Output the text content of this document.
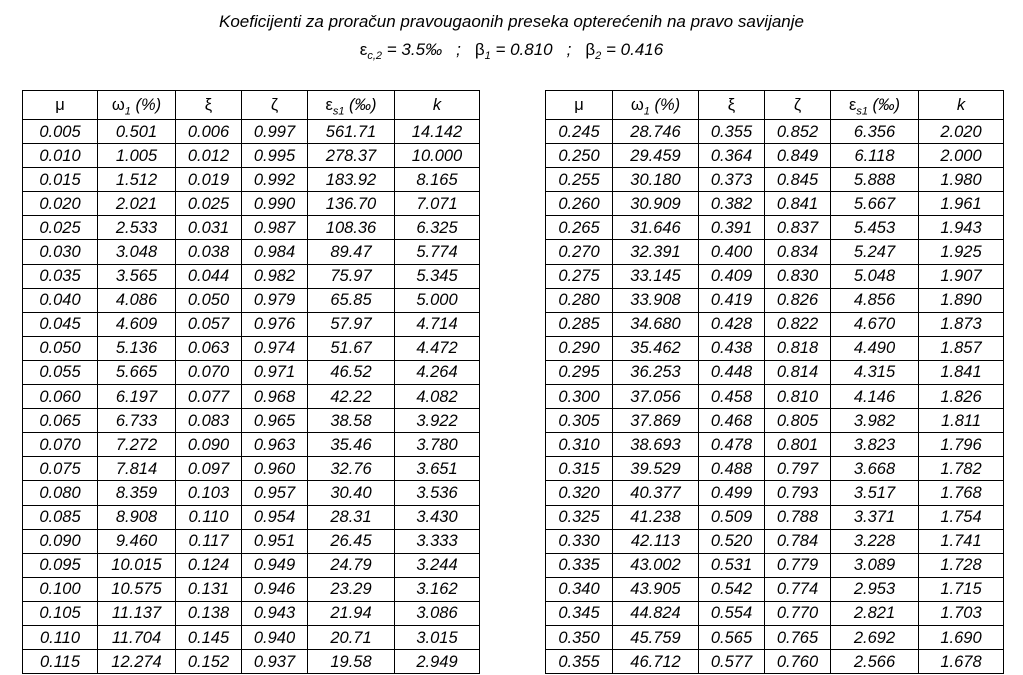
Koeficijenti za proračun pravougaonih preseka opterećenih na pravo savijanje
$\varepsilon_{c,2}$ = 3.5‰ ; $\beta_1 = 0.810$ ; $\beta_2 = 0.416$
μ	$\omega_1$ (%)	ξ	ζ	$\varepsilon_{s1}$ (‰)	k
0.005	0.501	0.006	0.997	561.71	14.142
0.010	1.005	0.012	0.995	278.37	10.000
0.015	1.512	0.019	0.992	183.92	8.165
0.020	2.021	0.025	0.990	136.70	7.071
0.025	2.533	0.031	0.987	108.36	6.325
0.030	3.048	0.038	0.984	89.47	5.774
0.035	3.565	0.044	0.982	75.97	5.345
0.040	4.086	0.050	0.979	65.85	5.000
0.045	4.609	0.057	0.976	57.97	4.714
0.050	5.136	0.063	0.974	51.67	4.472
0.055	5.665	0.070	0.971	46.52	4.264
0.060	6.197	0.077	0.968	42.22	4.082
0.065	6.733	0.083	0.965	38.58	3.922
0.070	7.272	0.090	0.963	35.46	3.780
0.075	7.814	0.097	0.960	32.76	3.651
0.080	8.359	0.103	0.957	30.40	3.536
0.085	8.908	0.110	0.954	28.31	3.430
0.090	9.460	0.117	0.951	26.45	3.333
0.095	10.015	0.124	0.949	24.79	3.244
0.100	10.575	0.131	0.946	23.29	3.162
0.105	11.137	0.138	0.943	21.94	3.086
0.110	11.704	0.145	0.940	20.71	3.015
0.115	12.274	0.152	0.937	19.58	2.949
μ	$\omega_1$ (%)	ξ	ζ	$\varepsilon_{s1}$ (‰)	k
0.245	28.746	0.355	0.852	6.356	2.020
0.250	29.459	0.364	0.849	6.118	2.000
0.255	30.180	0.373	0.845	5.888	1.980
0.260	30.909	0.382	0.841	5.667	1.961
0.265	31.646	0.391	0.837	5.453	1.943
0.270	32.391	0.400	0.834	5.247	1.925
0.275	33.145	0.409	0.830	5.048	1.907
0.280	33.908	0.419	0.826	4.856	1.890
0.285	34.680	0.428	0.822	4.670	1.873
0.290	35.462	0.438	0.818	4.490	1.857
0.295	36.253	0.448	0.814	4.315	1.841
0.300	37.056	0.458	0.810	4.146	1.826
0.305	37.869	0.468	0.805	3.982	1.811
0.310	38.693	0.478	0.801	3.823	1.796
0.315	39.529	0.488	0.797	3.668	1.782
0.320	40.377	0.499	0.793	3.517	1.768
0.325	41.238	0.509	0.788	3.371	1.754
0.330	42.113	0.520	0.784	3.228	1.741
0.335	43.002	0.531	0.779	3.089	1.728
0.340	43.905	0.542	0.774	2.953	1.715
0.345	44.824	0.554	0.770	2.821	1.703
0.350	45.759	0.565	0.765	2.692	1.690
0.355	46.712	0.577	0.760	2.566	1.678
